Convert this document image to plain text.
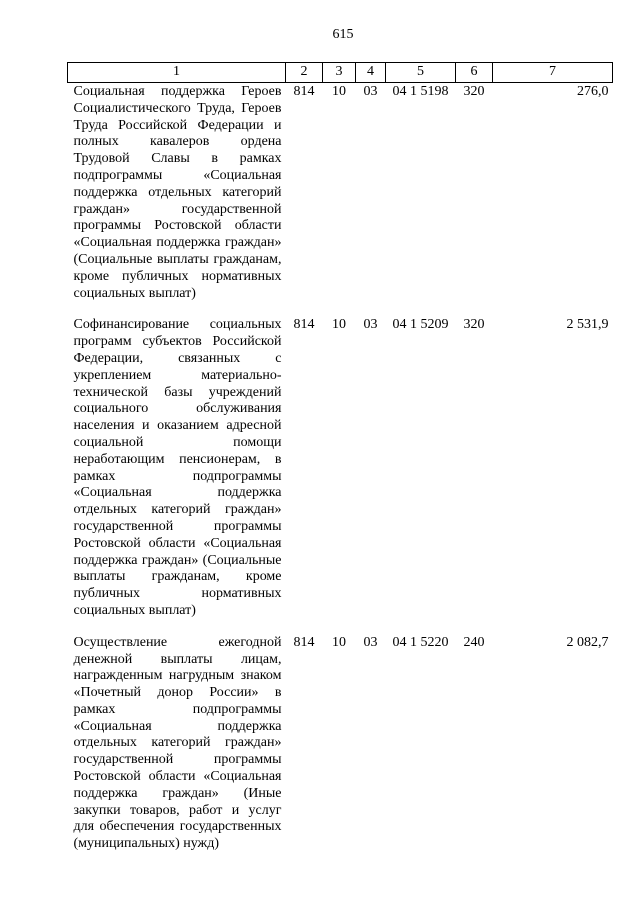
615
1	2	3	4	5	6	7
Социальная поддержка Героев Социалистического Труда, Героев Труда Российской Федерации и полных кавалеров ордена Трудовой Славы в рамках подпрограммы «Социальная поддержка отдельных категорий граждан» государственной программы Ростовской области «Социальная поддержка граждан» (Социальные выплаты гражданам, кроме публичных нормативных социальных выплат)	814	10	03	04 1 5198	320	276,0

Софинансирование социальных программ субъектов Российской Федерации, связанных с укреплением материально-технической базы учреждений социального обслуживания населения и оказанием адресной социальной помощи неработающим пенсионерам, в рамках подпрограммы «Социальная поддержка отдельных категорий граждан» государственной программы Ростовской области «Социальная поддержка граждан» (Социальные выплаты гражданам, кроме публичных нормативных социальных выплат)	814	10	03	04 1 5209	320	2 531,9

Осуществление ежегодной денежной выплаты лицам, награжденным нагрудным знаком «Почетный донор России» в рамках подпрограммы «Социальная поддержка отдельных категорий граждан» государственной программы Ростовской области «Социальная поддержка граждан» (Иные закупки товаров, работ и услуг для обеспечения государственных (муниципальных) нужд)	814	10	03	04 1 5220	240	2 082,7
